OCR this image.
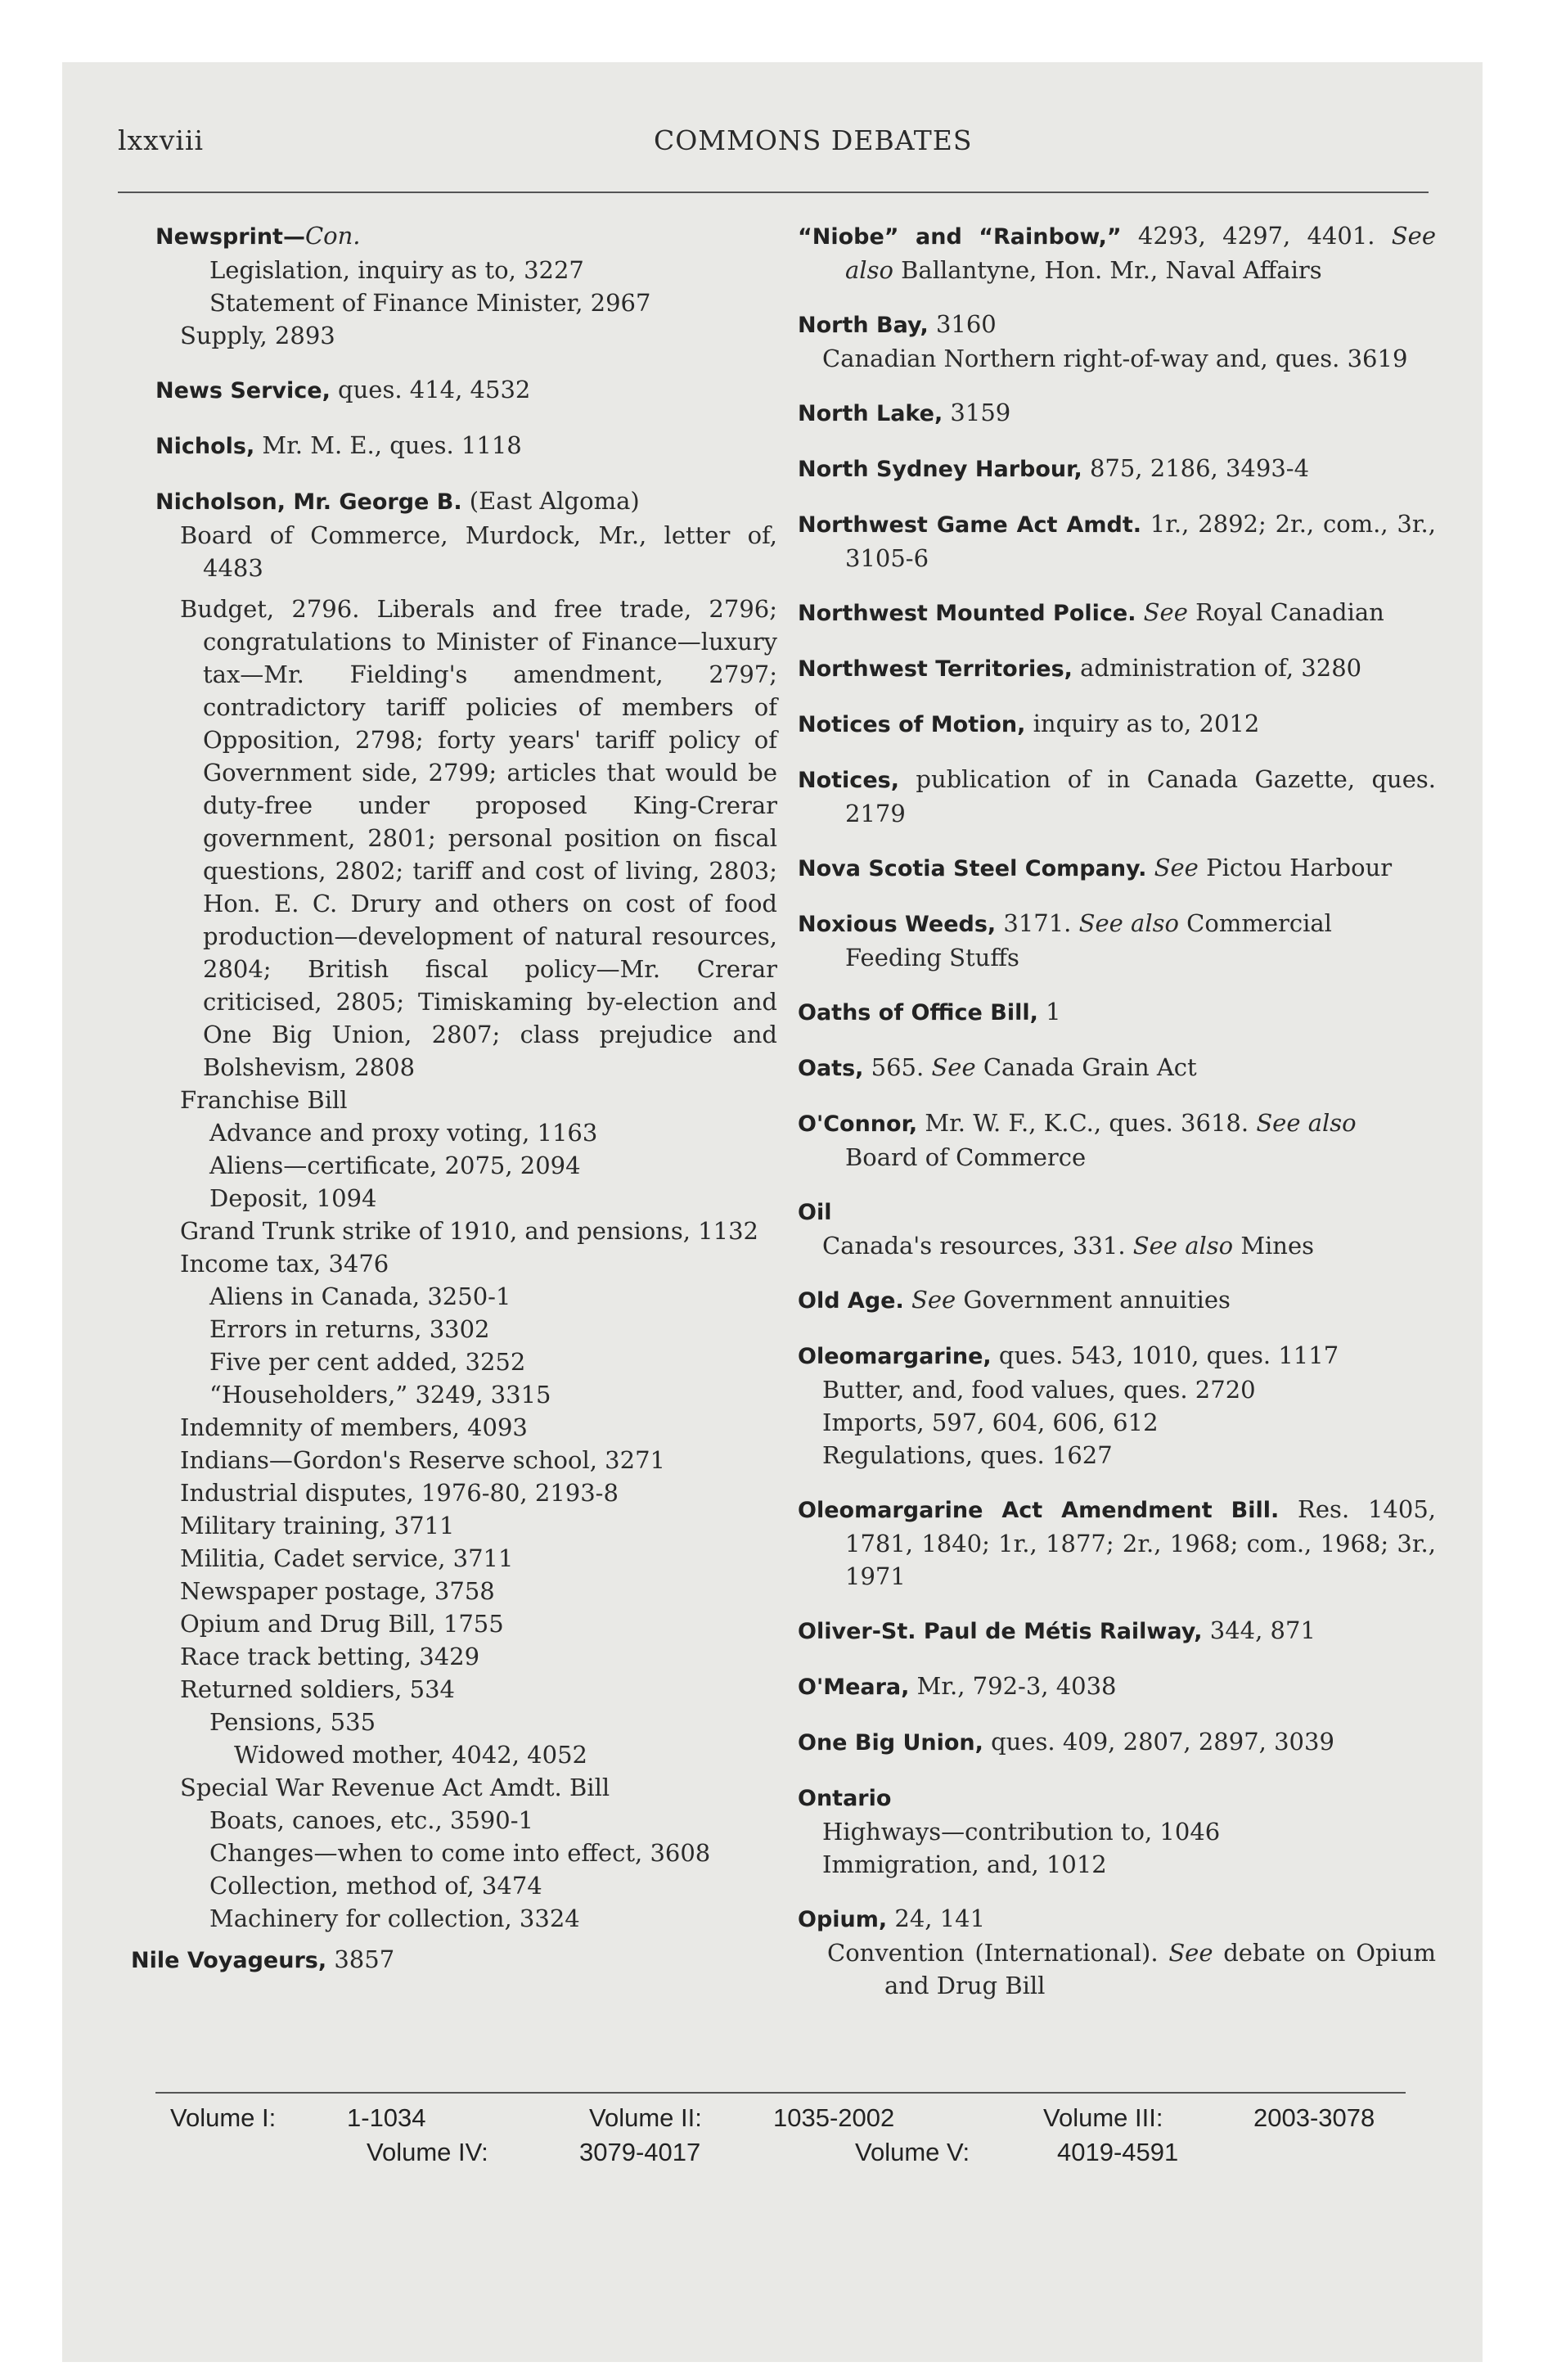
lxxviii	COMMONS DEBATES
Newsprint—Con.
Legislation, inquiry as to, 3227
Statement of Finance Minister, 2967
Supply, 2893
News Service, ques. 414, 4532
Nichols, Mr. M. E., ques. 1118
Nicholson, Mr. George B. (East Algoma)
Board of Commerce, Murdock, Mr., letter of, 4483
Budget, 2796. Liberals and free trade, 2796; congratulations to Minister of Finance—luxury tax—Mr. Fielding's amendment, 2797; contradictory tariff policies of members of Opposition, 2798; forty years' tariff policy of Government side, 2799; articles that would be duty-free under proposed King-Crerar government, 2801; personal position on fiscal questions, 2802; tariff and cost of living, 2803; Hon. E. C. Drury and others on cost of food production—development of natural resources, 2804; British fiscal policy—Mr. Crerar criticised, 2805; Timiskaming by-election and One Big Union, 2807; class prejudice and Bolshevism, 2808
Franchise Bill
Advance and proxy voting, 1163
Aliens—certificate, 2075, 2094
Deposit, 1094
Grand Trunk strike of 1910, and pensions, 1132
Income tax, 3476
Aliens in Canada, 3250-1
Errors in returns, 3302
Five per cent added, 3252
“Householders,” 3249, 3315
Indemnity of members, 4093
Indians—Gordon's Reserve school, 3271
Industrial disputes, 1976-80, 2193-8
Military training, 3711
Militia, Cadet service, 3711
Newspaper postage, 3758
Opium and Drug Bill, 1755
Race track betting, 3429
Returned soldiers, 534
Pensions, 535
Widowed mother, 4042, 4052
Special War Revenue Act Amdt. Bill
Boats, canoes, etc., 3590-1
Changes—when to come into effect, 3608
Collection, method of, 3474
Machinery for collection, 3324
Nile Voyageurs, 3857
“Niobe” and “Rainbow,” 4293, 4297, 4401. See also Ballantyne, Hon. Mr., Naval Affairs
North Bay, 3160
Canadian Northern right-of-way and, ques. 3619
North Lake, 3159
North Sydney Harbour, 875, 2186, 3493-4
Northwest Game Act Amdt. 1r., 2892; 2r., com., 3r., 3105-6
Northwest Mounted Police. See Royal Canadian
Northwest Territories, administration of, 3280
Notices of Motion, inquiry as to, 2012
Notices, publication of in Canada Gazette, ques. 2179
Nova Scotia Steel Company. See Pictou Harbour
Noxious Weeds, 3171. See also Commercial Feeding Stuffs
Oaths of Office Bill, 1
Oats, 565. See Canada Grain Act
O'Connor, Mr. W. F., K.C., ques. 3618. See also Board of Commerce
Oil
Canada's resources, 331. See also Mines
Old Age. See Government annuities
Oleomargarine, ques. 543, 1010, ques. 1117
Butter, and, food values, ques. 2720
Imports, 597, 604, 606, 612
Regulations, ques. 1627
Oleomargarine Act Amendment Bill. Res. 1405, 1781, 1840; 1r., 1877; 2r., 1968; com., 1968; 3r., 1971
Oliver-St. Paul de Métis Railway, 344, 871
O'Meara, Mr., 792-3, 4038
One Big Union, ques. 409, 2807, 2897, 3039
Ontario
Highways—contribution to, 1046
Immigration, and, 1012
Opium, 24, 141
Convention (International). See debate on Opium and Drug Bill
Volume I:	1-1034	Volume II:	1035-2002	Volume III:	2003-3078
Volume IV:	3079-4017	Volume V:	4019-4591
